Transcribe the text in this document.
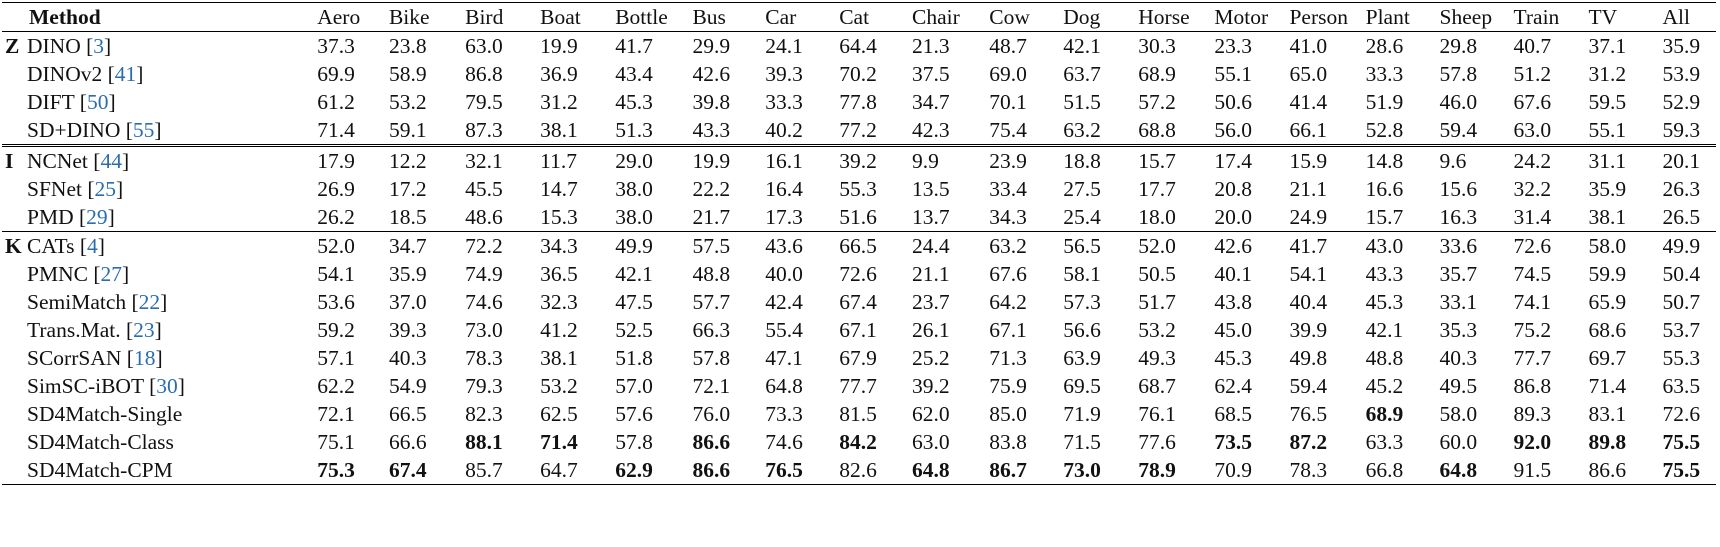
Method	Aero	Bike	Bird	Boat	Bottle	Bus	Car	Cat	Chair	Cow	Dog	Horse	Motor	Person	Plant	Sheep	Train	TV	All
Z DINO [3]	37.3	23.8	63.0	19.9	41.7	29.9	24.1	64.4	21.3	48.7	42.1	30.3	23.3	41.0	28.6	29.8	40.7	37.1	35.9
DINOv2 [41]	69.9	58.9	86.8	36.9	43.4	42.6	39.3	70.2	37.5	69.0	63.7	68.9	55.1	65.0	33.3	57.8	51.2	31.2	53.9
DIFT [50]	61.2	53.2	79.5	31.2	45.3	39.8	33.3	77.8	34.7	70.1	51.5	57.2	50.6	41.4	51.9	46.0	67.6	59.5	52.9
SD+DINO [55]	71.4	59.1	87.3	38.1	51.3	43.3	40.2	77.2	42.3	75.4	63.2	68.8	56.0	66.1	52.8	59.4	63.0	55.1	59.3
I NCNet [44]	17.9	12.2	32.1	11.7	29.0	19.9	16.1	39.2	9.9	23.9	18.8	15.7	17.4	15.9	14.8	9.6	24.2	31.1	20.1
SFNet [25]	26.9	17.2	45.5	14.7	38.0	22.2	16.4	55.3	13.5	33.4	27.5	17.7	20.8	21.1	16.6	15.6	32.2	35.9	26.3
PMD [29]	26.2	18.5	48.6	15.3	38.0	21.7	17.3	51.6	13.7	34.3	25.4	18.0	20.0	24.9	15.7	16.3	31.4	38.1	26.5
K CATs [4]	52.0	34.7	72.2	34.3	49.9	57.5	43.6	66.5	24.4	63.2	56.5	52.0	42.6	41.7	43.0	33.6	72.6	58.0	49.9
PMNC [27]	54.1	35.9	74.9	36.5	42.1	48.8	40.0	72.6	21.1	67.6	58.1	50.5	40.1	54.1	43.3	35.7	74.5	59.9	50.4
SemiMatch [22]	53.6	37.0	74.6	32.3	47.5	57.7	42.4	67.4	23.7	64.2	57.3	51.7	43.8	40.4	45.3	33.1	74.1	65.9	50.7
Trans.Mat. [23]	59.2	39.3	73.0	41.2	52.5	66.3	55.4	67.1	26.1	67.1	56.6	53.2	45.0	39.9	42.1	35.3	75.2	68.6	53.7
SCorrSAN [18]	57.1	40.3	78.3	38.1	51.8	57.8	47.1	67.9	25.2	71.3	63.9	49.3	45.3	49.8	48.8	40.3	77.7	69.7	55.3
SimSC-iBOT [30]	62.2	54.9	79.3	53.2	57.0	72.1	64.8	77.7	39.2	75.9	69.5	68.7	62.4	59.4	45.2	49.5	86.8	71.4	63.5
SD4Match-Single	72.1	66.5	82.3	62.5	57.6	76.0	73.3	81.5	62.0	85.0	71.9	76.1	68.5	76.5	68.9	58.0	89.3	83.1	72.6
SD4Match-Class	75.1	66.6	88.1	71.4	57.8	86.6	74.6	84.2	63.0	83.8	71.5	77.6	73.5	87.2	63.3	60.0	92.0	89.8	75.5
SD4Match-CPM	75.3	67.4	85.7	64.7	62.9	86.6	76.5	82.6	64.8	86.7	73.0	78.9	70.9	78.3	66.8	64.8	91.5	86.6	75.5
